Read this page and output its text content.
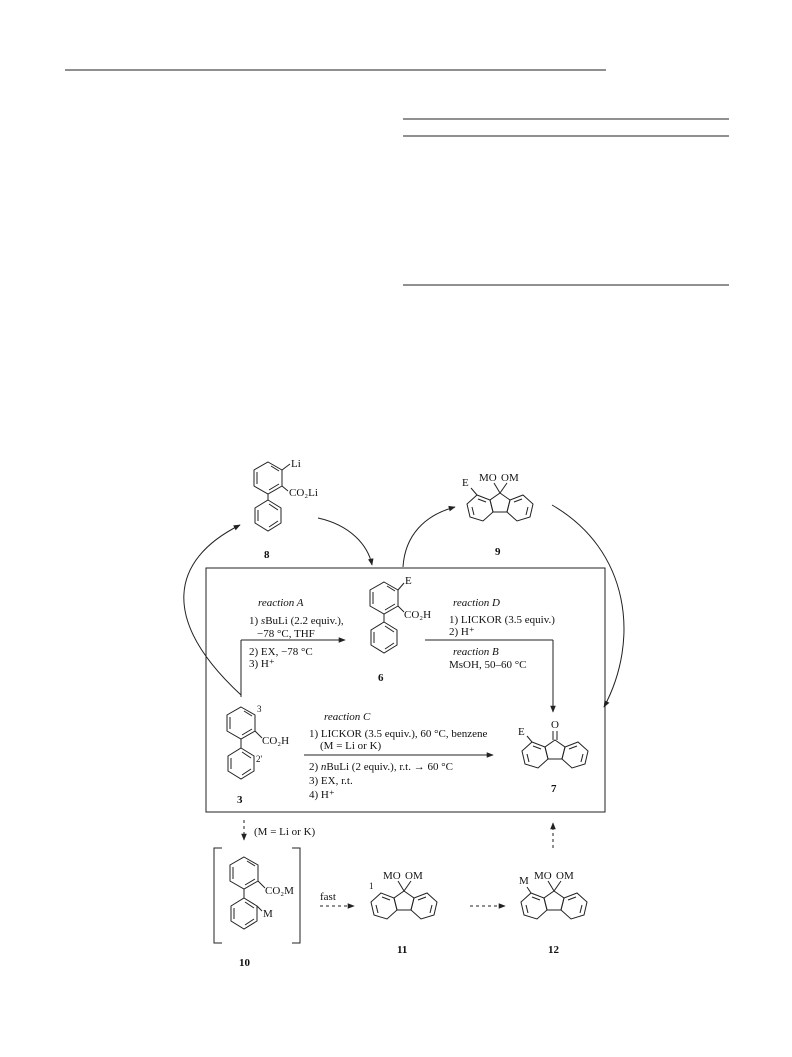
Li
CO₂Li
8
E MO OM
9
E
CO₂H
6
3
CO₂H
2'
3
O
E
7
CO₂M
M
10
1
MO OM
11
M MO OM
12
reaction A
1) sBuLi (2.2 equiv.),
−78 °C, THF
2) EX, −78 °C
3) H⁺
reaction D
1) LICKOR (3.5 equiv.)
2) H⁺
reaction B
MsOH, 50–60 °C
reaction C
1) LICKOR (3.5 equiv.), 60 °C, benzene
(M = Li or K)
2) nBuLi (2 equiv.), r.t. → 60 °C
3) EX, r.t.
4) H⁺
(M = Li or K)
fast
